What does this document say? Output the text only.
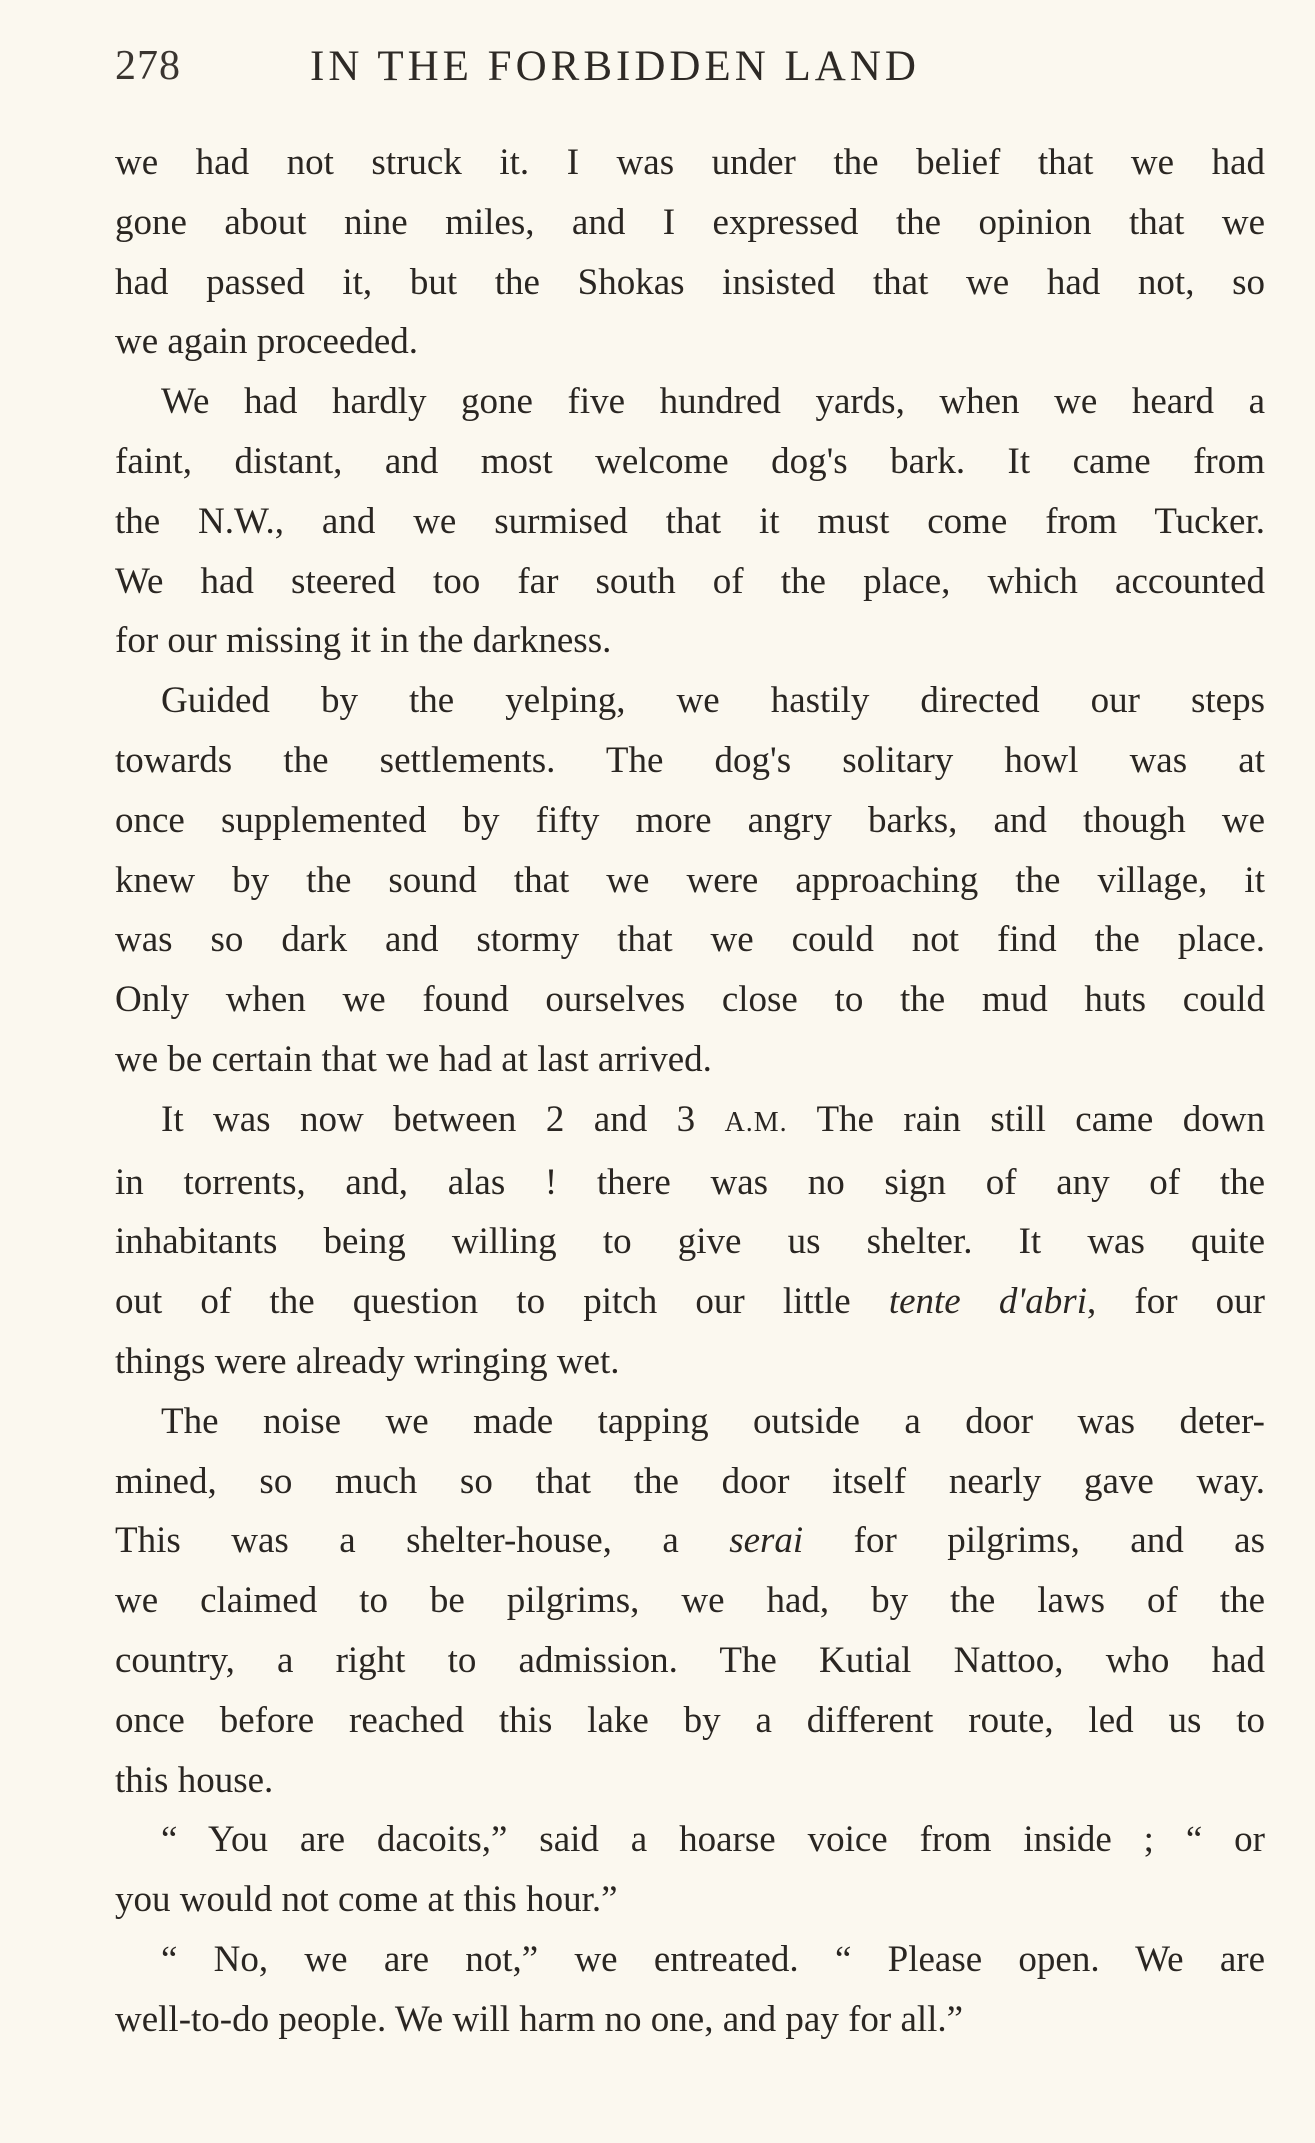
278	IN THE FORBIDDEN LAND

we had not struck it. I was under the belief that we had
gone about nine miles, and I expressed the opinion that we
had passed it, but the Shokas insisted that we had not, so
we again proceeded.

We had hardly gone five hundred yards, when we heard a
faint, distant, and most welcome dog's bark. It came from
the N.W., and we surmised that it must come from Tucker.
We had steered too far south of the place, which accounted
for our missing it in the darkness.

Guided by the yelping, we hastily directed our steps
towards the settlements. The dog's solitary howl was at
once supplemented by fifty more angry barks, and though we
knew by the sound that we were approaching the village, it
was so dark and stormy that we could not find the place.
Only when we found ourselves close to the mud huts could
we be certain that we had at last arrived.

It was now between 2 and 3 A.M. The rain still came down
in torrents, and, alas ! there was no sign of any of the
inhabitants being willing to give us shelter. It was quite
out of the question to pitch our little tente d'abri, for our
things were already wringing wet.

The noise we made tapping outside a door was deter-
mined, so much so that the door itself nearly gave way.
This was a shelter-house, a serai for pilgrims, and as
we claimed to be pilgrims, we had, by the laws of the
country, a right to admission. The Kutial Nattoo, who had
once before reached this lake by a different route, led us to
this house.

“ You are dacoits,” said a hoarse voice from inside ; “ or
you would not come at this hour.”

“ No, we are not,” we entreated. “ Please open. We are
well-to-do people. We will harm no one, and pay for all.”
